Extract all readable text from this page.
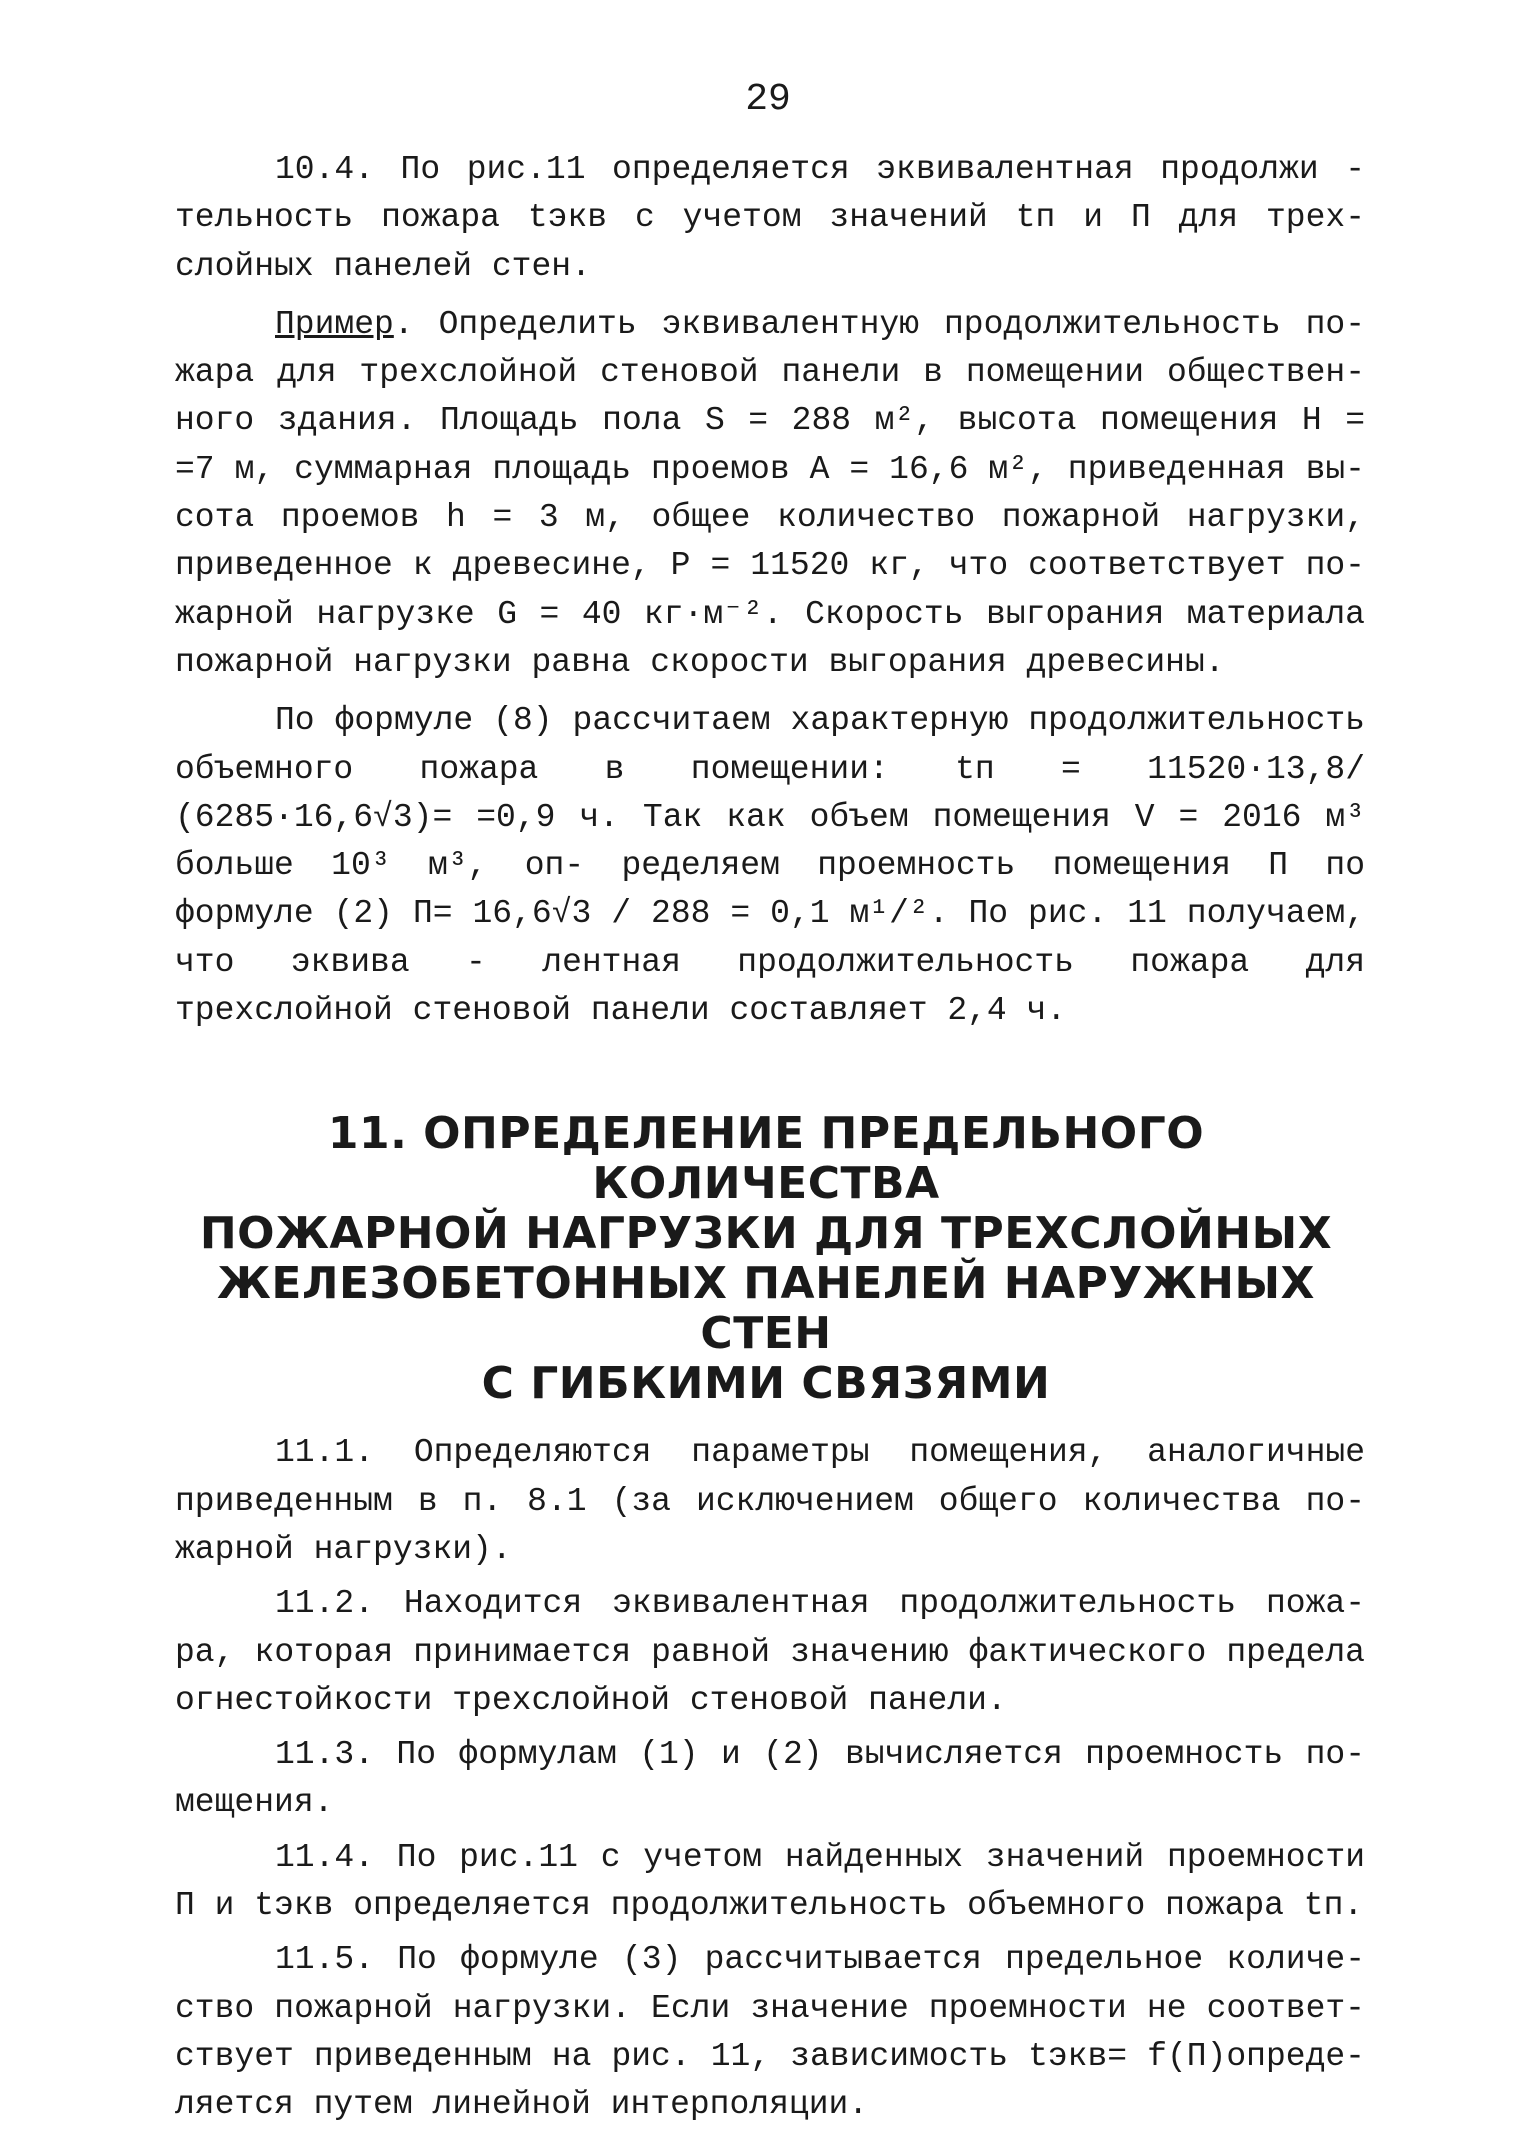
29

10.4. По рис.11 определяется эквивалентная продолжи - тельность пожара tэкв с учетом значений tп и П для трех- слойных панелей стен.

Пример. Определить эквивалентную продолжительность по- жара для трехслойной стеновой панели в помещении обществен- ного здания. Площадь пола S = 288 м², высота помещения H = =7 м, суммарная площадь проемов A = 16,6 м², приведенная вы- сота проемов h = 3 м, общее количество пожарной нагрузки, приведенное к древесине, P = 11520 кг, что соответствует по- жарной нагрузке G = 40 кг·м⁻². Скорость выгорания материала пожарной нагрузки равна скорости выгорания древесины.

По формуле (8) рассчитаем характерную продолжительность объемного пожара в помещении: tп = 11520·13,8/ (6285·16,6√3)= =0,9 ч. Так как объем помещения V = 2016 м³ больше 10³ м³, оп- ределяем проемность помещения П по формуле (2) П= 16,6√3 / 288 = 0,1 м¹/². По рис. 11 получаем, что эквива - лентная продолжительность пожара для трехслойной стеновой панели составляет 2,4 ч.

11. ОПРЕДЕЛЕНИЕ ПРЕДЕЛЬНОГО КОЛИЧЕСТВА
ПОЖАРНОЙ НАГРУЗКИ ДЛЯ ТРЕХСЛОЙНЫХ
ЖЕЛЕЗОБЕТОННЫХ ПАНЕЛЕЙ НАРУЖНЫХ СТЕН
С ГИБКИМИ СВЯЗЯМИ

11.1. Определяются параметры помещения, аналогичные приведенным в п. 8.1 (за исключением общего количества по- жарной нагрузки).

11.2. Находится эквивалентная продолжительность пожа- ра, которая принимается равной значению фактического предела огнестойкости трехслойной стеновой панели.

11.3. По формулам (1) и (2) вычисляется проемность по- мещения.

11.4. По рис.11 с учетом найденных значений проемности П и tэкв определяется продолжительность объемного пожара tп.

11.5. По формуле (3) рассчитывается предельное количе- ство пожарной нагрузки. Если значение проемности не соответ- ствует приведенным на рис. 11, зависимость tэкв= f(П)опреде- ляется путем линейной интерполяции.
